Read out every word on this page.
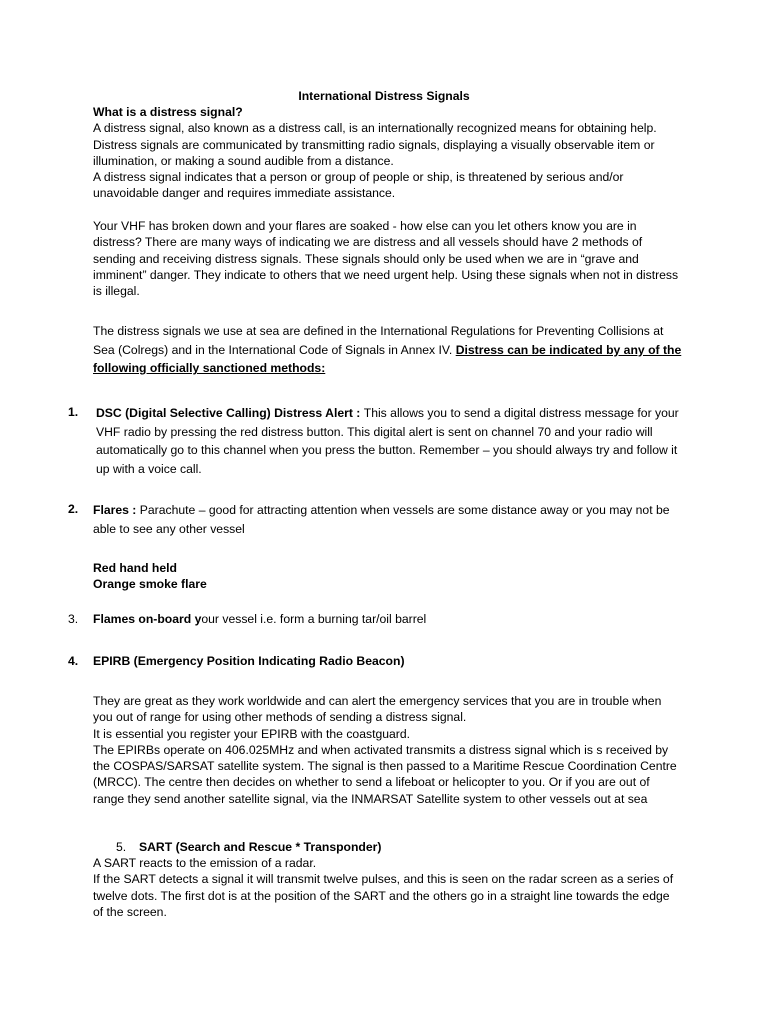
International Distress Signals

What is a distress signal?

A distress signal, also known as a distress call, is an internationally recognized means for obtaining help. Distress signals are communicated by transmitting radio signals, displaying a visually observable item or illumination, or making a sound audible from a distance.

A distress signal indicates that a person or group of people or ship, is threatened by serious and/or unavoidable danger and requires immediate assistance.

Your VHF has broken down and your flares are soaked - how else can you let others know you are in distress? There are many ways of indicating we are distress and all vessels should have 2 methods of sending and receiving distress signals. These signals should only be used when we are in “grave and imminent” danger. They indicate to others that we need urgent help. Using these signals when not in distress is illegal.

The distress signals we use at sea are defined in the International Regulations for Preventing Collisions at Sea (Colregs) and in the International Code of Signals in Annex IV. Distress can be indicated by any of the following officially sanctioned methods:

1. DSC (Digital Selective Calling) Distress Alert : This allows you to send a digital distress message for your VHF radio by pressing the red distress button. This digital alert is sent on channel 70 and your radio will automatically go to this channel when you press the button. Remember – you should always try and follow it up with a voice call.

2. Flares : Parachute – good for attracting attention when vessels are some distance away or you may not be able to see any other vessel

Red hand held

Orange smoke flare

3. Flames on-board your vessel i.e. form a burning tar/oil barrel

4. EPIRB (Emergency Position Indicating Radio Beacon)

They are great as they work worldwide and can alert the emergency services that you are in trouble when you out of range for using other methods of sending a distress signal.

It is essential you register your EPIRB with the coastguard.

The EPIRBs operate on 406.025MHz and when activated transmits a distress signal which is s received by the COSPAS/SARSAT satellite system. The signal is then passed to a Maritime Rescue Coordination Centre (MRCC). The centre then decides on whether to send a lifeboat or helicopter to you. Or if you are out of range they send another satellite signal, via the INMARSAT Satellite system to other vessels out at sea

5. SART (Search and Rescue * Transponder)

A SART reacts to the emission of a radar.

If the SART detects a signal it will transmit twelve pulses, and this is seen on the radar screen as a series of twelve dots. The first dot is at the position of the SART and the others go in a straight line towards the edge of the screen.
